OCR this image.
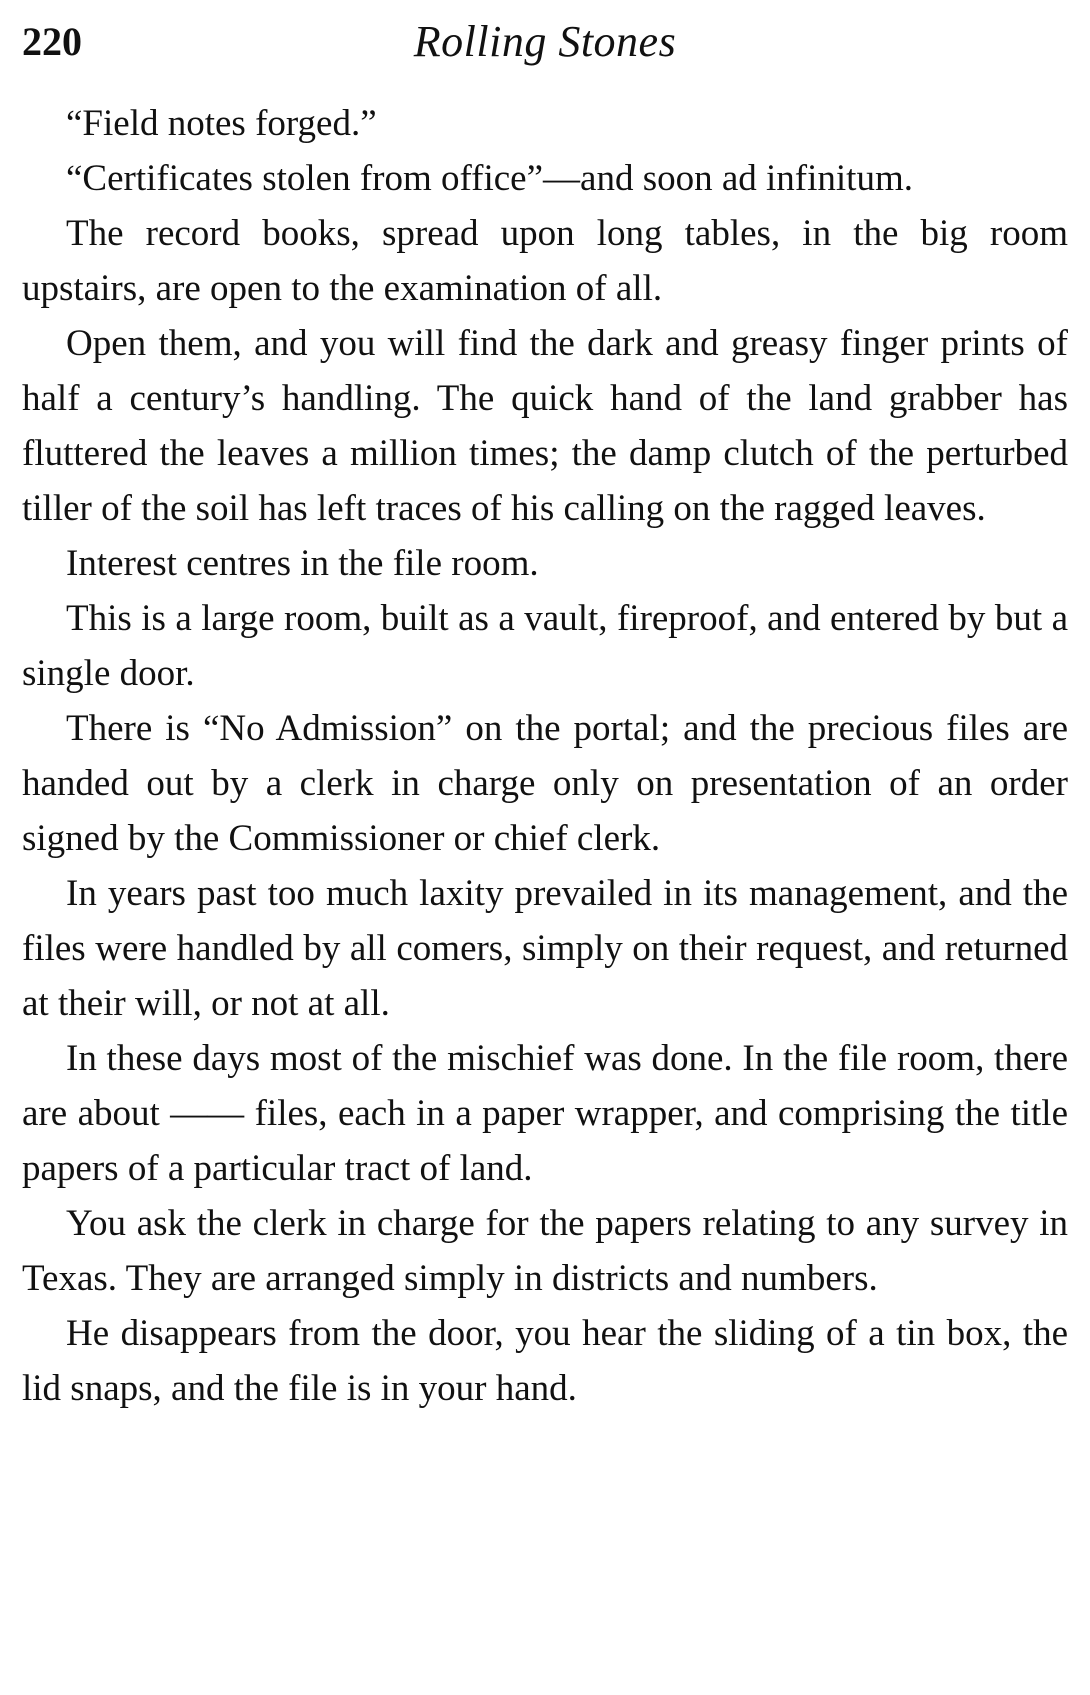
220	Rolling Stones

“Field notes forged.”

“Certificates stolen from office”—and soon ad infinitum.

The record books, spread upon long tables, in the big room upstairs, are open to the examination of all.

Open them, and you will find the dark and greasy finger prints of half a century’s handling. The quick hand of the land grabber has fluttered the leaves a million times; the damp clutch of the perturbed tiller of the soil has left traces of his calling on the ragged leaves.

Interest centres in the file room.

This is a large room, built as a vault, fireproof, and entered by but a single door.

There is “No Admission” on the portal; and the precious files are handed out by a clerk in charge only on presentation of an order signed by the Commissioner or chief clerk.

In years past too much laxity prevailed in its management, and the files were handled by all comers, simply on their request, and returned at their will, or not at all.

In these days most of the mischief was done. In the file room, there are about —— files, each in a paper wrapper, and comprising the title papers of a particular tract of land.

You ask the clerk in charge for the papers relating to any survey in Texas. They are arranged simply in districts and numbers.

He disappears from the door, you hear the sliding of a tin box, the lid snaps, and the file is in your hand.
